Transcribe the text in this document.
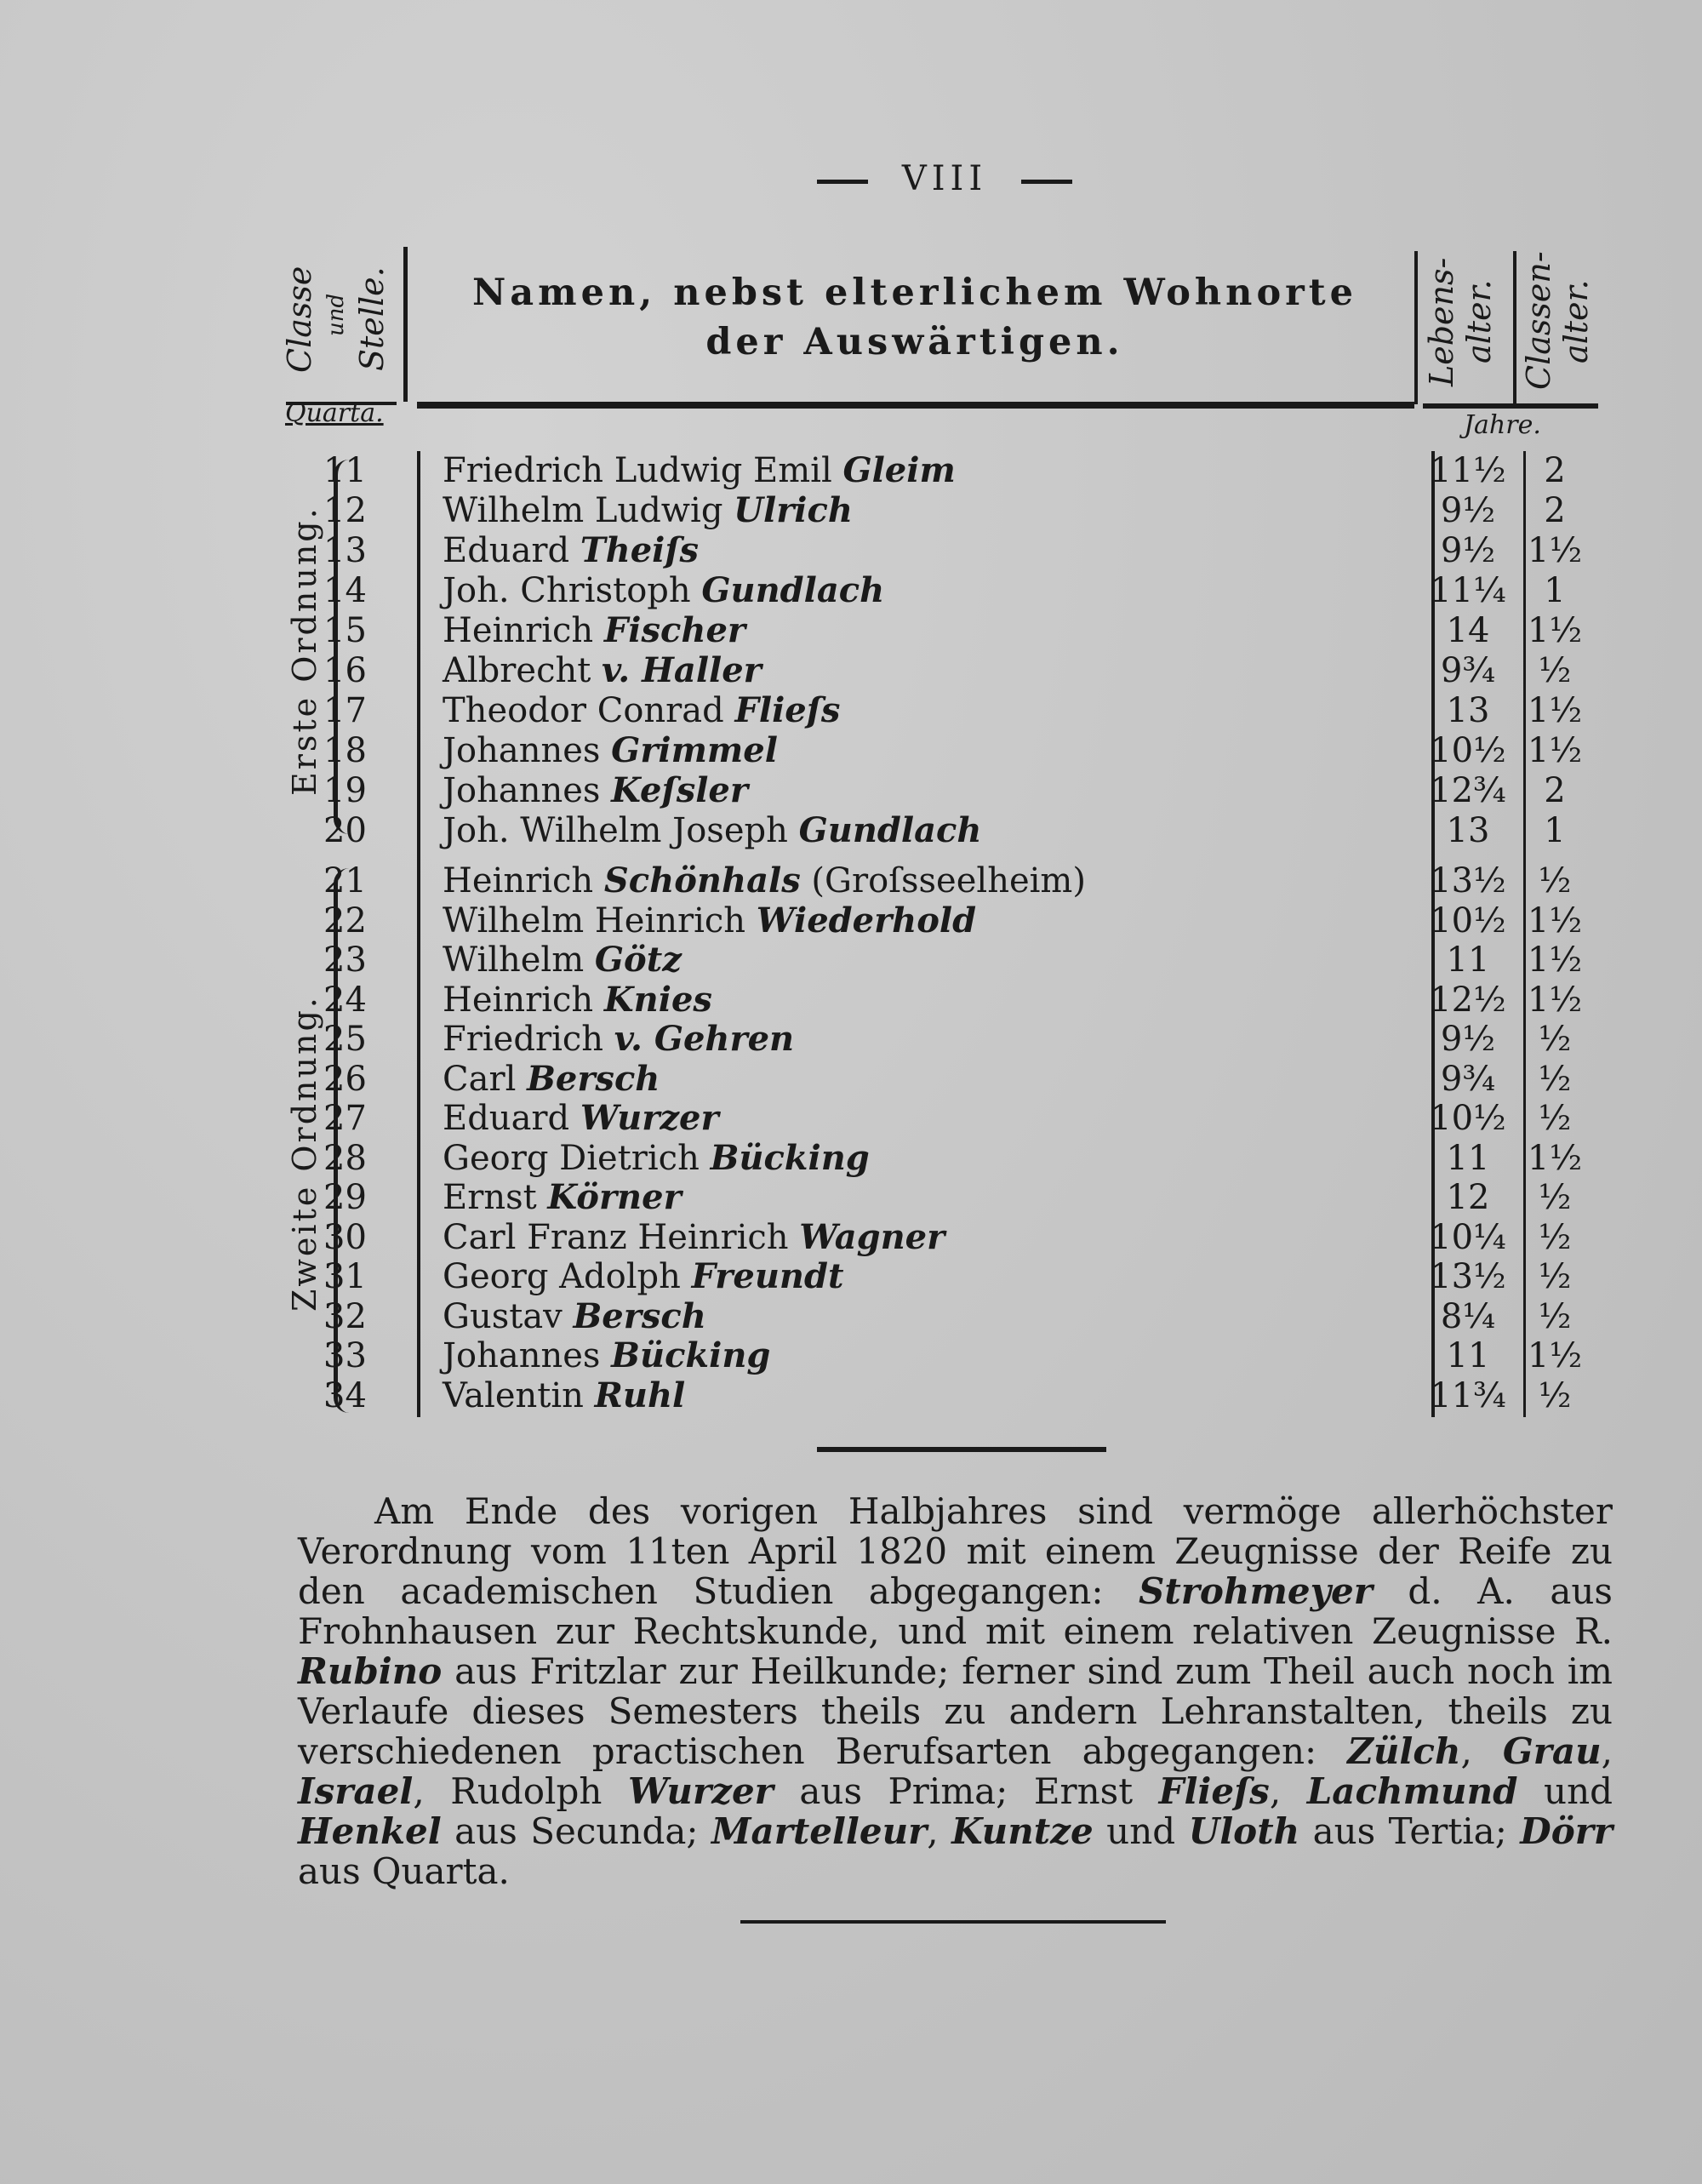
VIII
Classe und Stelle.	Namen, nebst elterlichem Wohnorte
der Auswärtigen.	Lebens-alter. Classen-alter.
Quarta.	Jahre.
Erste Ordnung.
Zweite Ordnung.
11	Friedrich Ludwig Emil Gleim	11½	2
12	Wilhelm Ludwig Ulrich	9½	2
13	Eduard Theiſs	9½ 1½
14	Joh. Christoph Gundlach	11¼	1
15	Heinrich Fischer	14	1½
16	Albrecht v. Haller	9¾	½
17	Theodor Conrad Flieſs	13	1½
18	Johannes Grimmel	10½ 1½
19	Johannes Keſsler	12¾	2
20	Joh. Wilhelm Joseph Gundlach	13	1
21	Heinrich Schönhals (Groſsseelheim)	13½ ½
22	Wilhelm Heinrich Wiederhold	10½ 1½
23	Wilhelm Götz	11	1½
24	Heinrich Knies	12½ 1½
25	Friedrich v. Gehren	9½	½
26	Carl Bersch	9¾	½
27	Eduard Wurzer	10½ ½
28	Georg Dietrich Bücking	11	1½
29	Ernst Körner	12	½
30	Carl Franz Heinrich Wagner	10¼ ½
31	Georg Adolph Freundt	13½ ½
32	Gustav Bersch	8¼	½
33	Johannes Bücking	11	1½
34	Valentin Ruhl	11¾ ½
Am Ende des vorigen Halbjahres sind vermöge allerhöchster Verordnung vom 11ten April 1820 mit einem Zeugnisse der Reife zu den academischen Studien abgegangen: Strohmeyer d. A. aus Frohnhausen zur Rechtskunde, und mit einem relativen Zeugnisse R. Rubino aus Fritzlar zur Heilkunde; ferner sind zum Theil auch noch im Verlaufe dieses Semesters theils zu andern Lehranstalten, theils zu verschiedenen practischen Berufsarten abgegangen: Zülch, Grau, Israel, Rudolph Wurzer aus Prima; Ernst Flieſs, Lachmund und Henkel aus Secunda; Martelleur, Kuntze und Uloth aus Tertia; Dörr aus Quarta.
